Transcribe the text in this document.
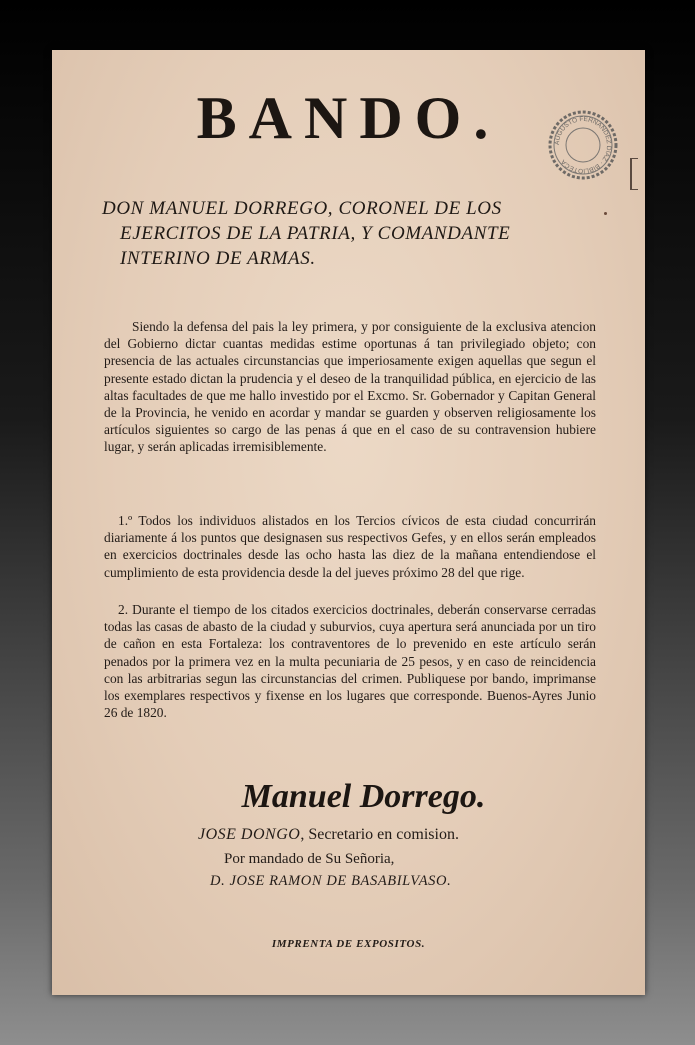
BANDO.	AUGUSTO FERNANDEZ DIAZ · BIBLIOTECA
DON MANUEL DORREGO, CORONEL DE LOS
EJERCITOS DE LA PATRIA, Y COMANDANTE
INTERINO DE ARMAS.
Siendo la defensa del pais la ley primera, y por consiguiente de la exclusiva atencion del Gobierno dictar cuantas medidas estime oportunas á tan privilegiado objeto; con presencia de las actuales circunstancias que imperiosamente exigen aquellas que segun el presente estado dictan la prudencia y el deseo de la tranquilidad pública, en ejercicio de las altas facultades de que me hallo investido por el Excmo. Sr. Gobernador y Capitan General de la Provincia, he venido en acordar y mandar se guarden y observen religiosamente los artículos siguientes so cargo de las penas á que en el caso de su contravension hubiere lugar, y serán aplicadas irremisiblemente.
1.º Todos los individuos alistados en los Tercios cívicos de esta ciudad concurrirán diariamente á los puntos que designasen sus respectivos Gefes, y en ellos serán empleados en exercicios doctrinales desde las ocho hasta las diez de la mañana entendiendose el cumplimiento de esta providencia desde la del jueves próximo 28 del que rige.
2. Durante el tiempo de los citados exercicios doctrinales, deberán conservarse cerradas todas las casas de abasto de la ciudad y suburvios, cuya apertura será anunciada por un tiro de cañon en esta Fortaleza: los contraventores de lo prevenido en este artículo serán penados por la primera vez en la multa pecuniaria de 25 pesos, y en caso de reincidencia con las arbitrarias segun las circunstancias del crimen. Publiquese por bando, imprimanse los exemplares respectivos y fixense en los lugares que corresponde. Buenos-Ayres Junio 26 de 1820.
Manuel Dorrego.
JOSE DONGO, Secretario en comision.
Por mandado de Su Señoria,
D. JOSE RAMON DE BASABILVASO.
IMPRENTA DE EXPOSITOS.
